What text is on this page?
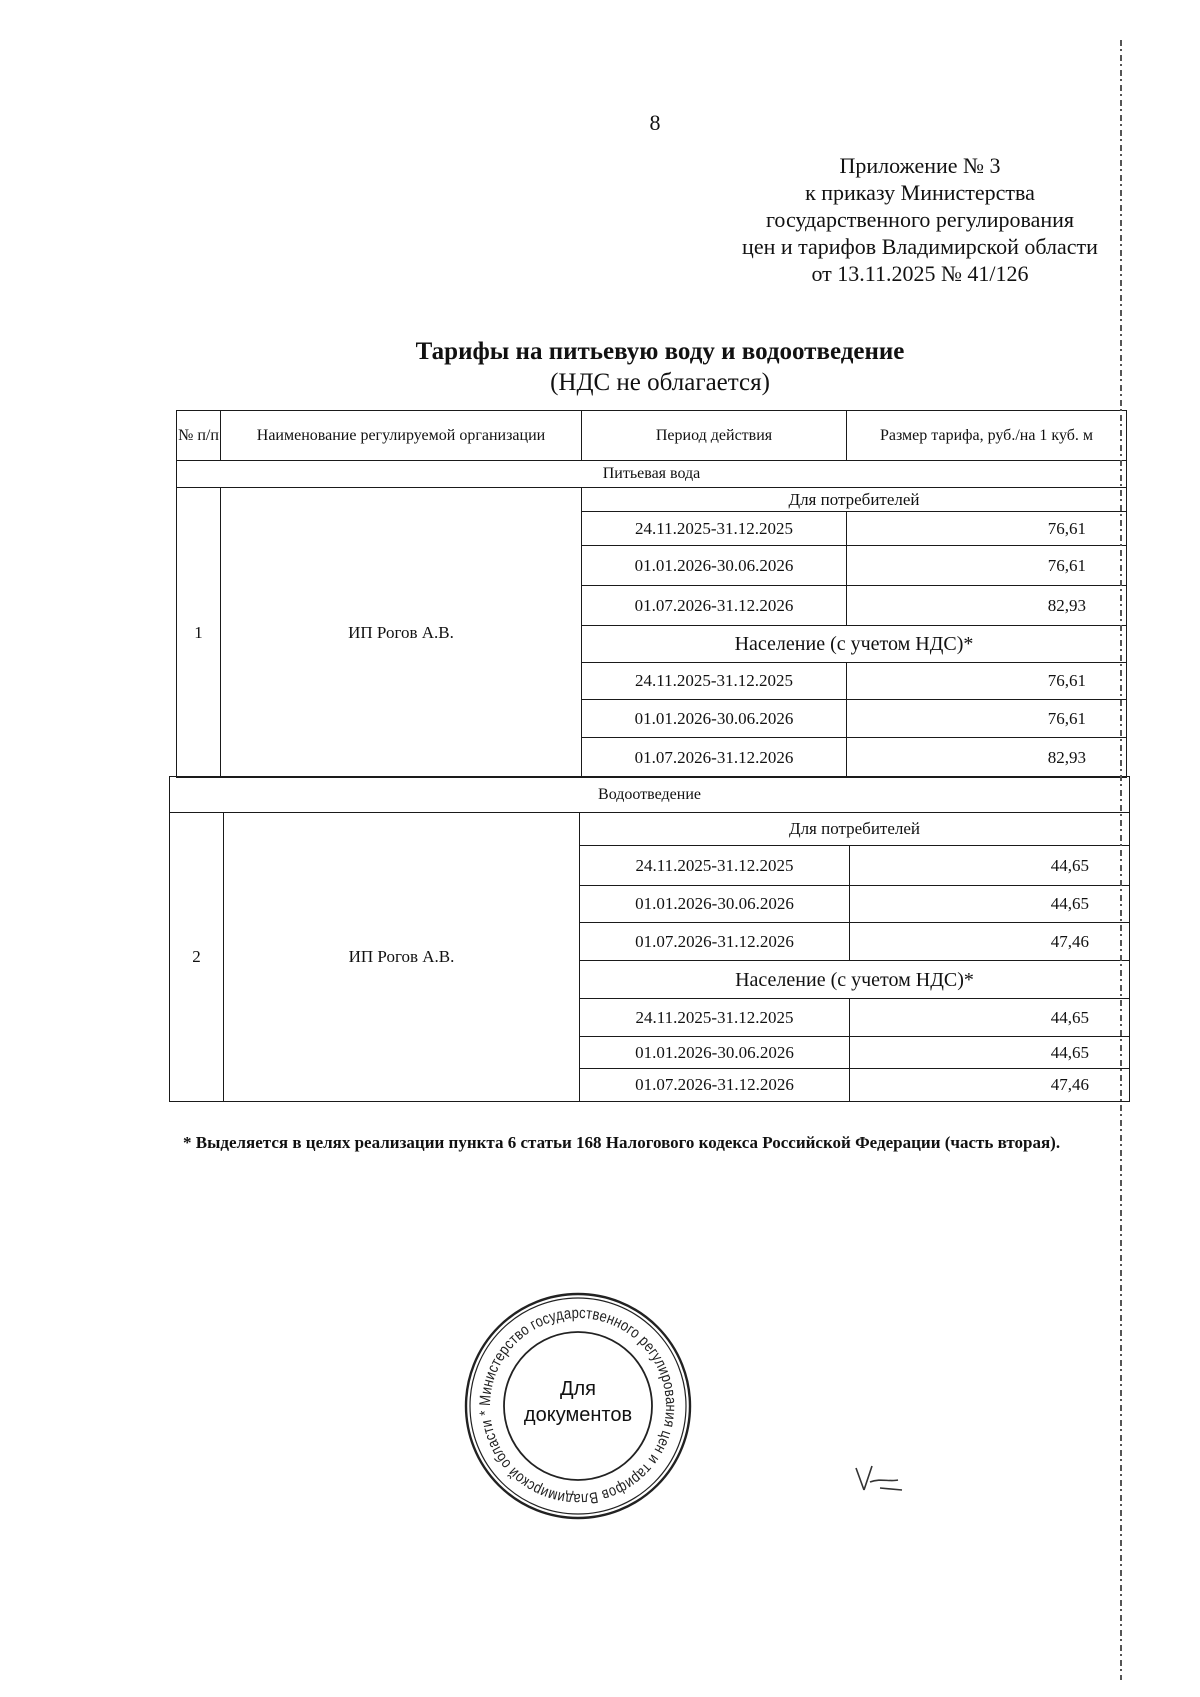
8
Приложение № 3
к приказу Министерства
государственного регулирования
цен и тарифов Владимирской области
от 13.11.2025 № 41/126
Тарифы на питьевую воду и водоотведение
(НДС не облагается)
№ п/п	Наименование регулируемой организации	Период действия	Размер тарифа, руб./на 1 куб. м
Питьевая вода			
1	ИП Рогов А.В.	Для потребителей	
		24.11.2025-31.12.2025	76,61
		01.01.2026-30.06.2026	76,61
		01.07.2026-31.12.2026	82,93
		Население (с учетом НДС)*	
		24.11.2025-31.12.2025	76,61
		01.01.2026-30.06.2026	76,61
		01.07.2026-31.12.2026	82,93
Водоотведение			
2	ИП Рогов А.В.	Для потребителей	
		24.11.2025-31.12.2025	44,65
		01.01.2026-30.06.2026	44,65
		01.07.2026-31.12.2026	47,46
		Население (с учетом НДС)*	
		24.11.2025-31.12.2025	44,65
		01.01.2026-30.06.2026	44,65
		01.07.2026-31.12.2026	47,46
* Выделяется в целях реализации пункта 6 статьи 168 Налогового кодекса Российской Федерации (часть вторая).
Министерство государственного регулирования цен и тарифов Владимирской области *
Для
документов
